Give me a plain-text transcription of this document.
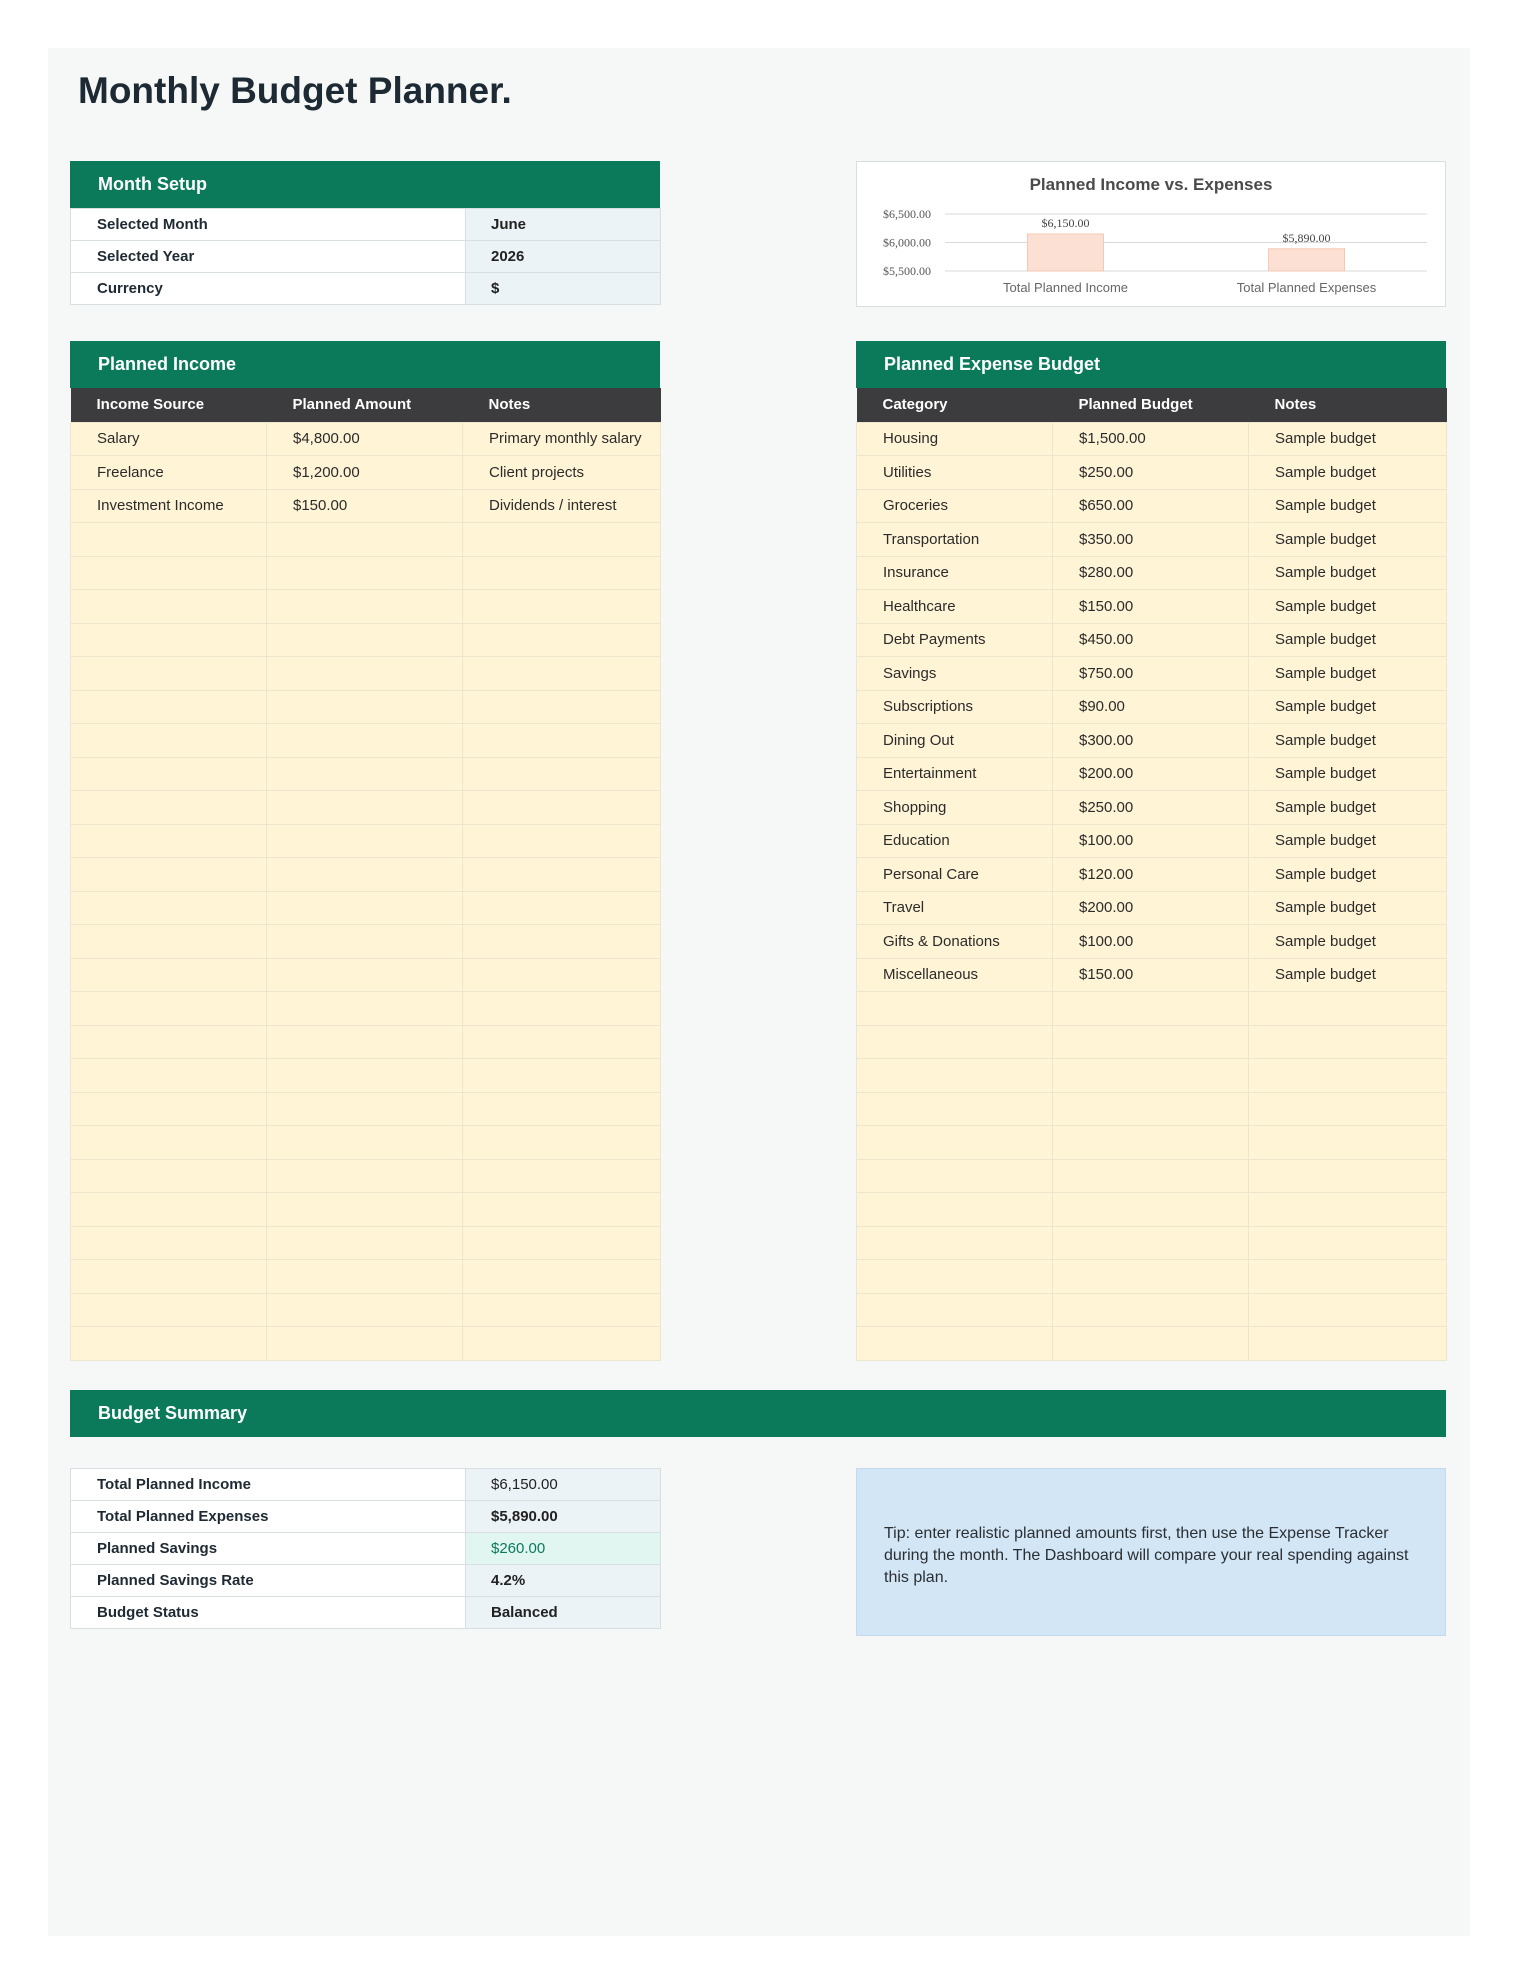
Monthly Budget Planner.
Month Setup
Selected Month	June
Selected Year	2026
Currency	$
Planned Income vs. Expenses
$5,500.00
$6,000.00
$6,500.00
$6,150.00
Total Planned Income
$5,890.00
Total Planned Expenses
Planned Income
Income Source	Planned Amount	Notes
Salary	$4,800.00	Primary monthly salary
Freelance	$1,200.00	Client projects
Investment Income	$150.00	Dividends / interest

Planned Expense Budget
Category	Planned Budget	Notes
Housing	$1,500.00	Sample budget
Utilities	$250.00	Sample budget
Groceries	$650.00	Sample budget
Transportation	$350.00	Sample budget
Insurance	$280.00	Sample budget
Healthcare	$150.00	Sample budget
Debt Payments	$450.00	Sample budget
Savings	$750.00	Sample budget
Subscriptions	$90.00	Sample budget
Dining Out	$300.00	Sample budget
Entertainment	$200.00	Sample budget
Shopping	$250.00	Sample budget
Education	$100.00	Sample budget
Personal Care	$120.00	Sample budget
Travel	$200.00	Sample budget
Gifts & Donations	$100.00	Sample budget
Miscellaneous	$150.00	Sample budget

Budget Summary
Total Planned Income	$6,150.00
Total Planned Expenses	$5,890.00
Planned Savings	$260.00
Planned Savings Rate	4.2%
Budget Status	Balanced
Tip: enter realistic planned amounts first, then use the Expense Tracker during the month. The Dashboard will compare your real spending against this plan.
